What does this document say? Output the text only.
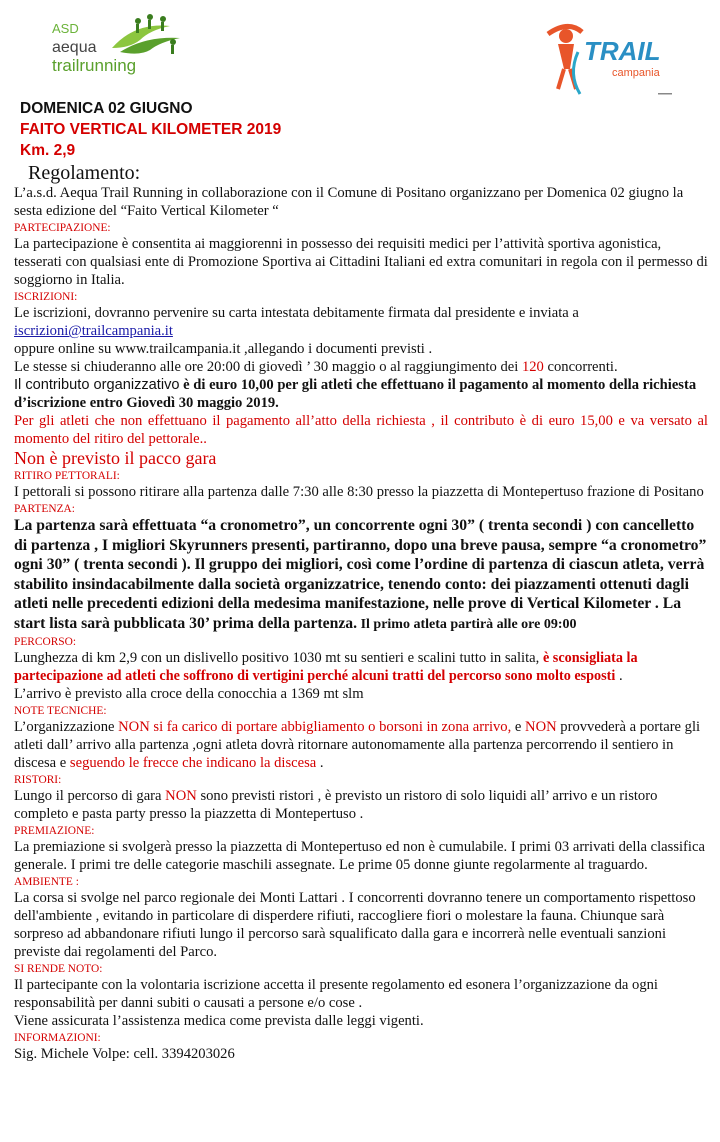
ASD
aequa
trailrunning	TRAIL
campania
DOMENICA 02 GIUGNO
FAITO VERTICAL KILOMETER 2019
Km. 2,9
Regolamento:

L’a.s.d. Aequa Trail Running in collaborazione con il Comune di Positano organizzano per Domenica 02 giugno la sesta edizione del “Faito Vertical Kilometer “

PARTECIPAZIONE:

La partecipazione è consentita ai maggiorenni in possesso dei requisiti medici per l’attività sportiva agonistica, tesserati con qualsiasi ente di Promozione Sportiva ai Cittadini Italiani ed extra comunitari in regola con il permesso di soggiorno in Italia.

ISCRIZIONI:

Le iscrizioni, dovranno pervenire su carta intestata debitamente firmata dal presidente e inviata a

iscrizioni@trailcampania.it

oppure online su www.trailcampania.it ,allegando i documenti previsti .

Le stesse si chiuderanno alle ore 20:00 di giovedì ’ 30 maggio o al raggiungimento dei 120 concorrenti.

Il contributo organizzativo è di euro 10,00 per gli atleti che effettuano il pagamento al momento della richiesta d’iscrizione entro Giovedì 30 maggio 2019.

Per gli atleti che non effettuano il pagamento all’atto della richiesta , il contributo è di euro 15,00 e va versato al momento del ritiro del pettorale..

Non è previsto il pacco gara
RITIRO PETTORALI:

I pettorali si possono ritirare alla partenza dalle 7:30 alle 8:30 presso la piazzetta di Montepertuso frazione di Positano

PARTENZA:

La partenza sarà effettuata “a cronometro”, un concorrente ogni 30” ( trenta secondi ) con cancelletto di partenza , I migliori Skyrunners presenti, partiranno, dopo una breve pausa, sempre “a cronometro” ogni 30” ( trenta secondi ). Il gruppo dei migliori, così come l’ordine di partenza di ciascun atleta, verrà stabilito insindacabilmente dalla società organizzatrice, tenendo conto: dei piazzamenti ottenuti dagli atleti nelle precedenti edizioni della medesima manifestazione, nelle prove di Vertical Kilometer . La start lista sarà pubblicata 30’ prima della partenza. Il primo atleta partirà alle ore 09:00

PERCORSO:

Lunghezza di km 2,9 con un dislivello positivo 1030 mt su sentieri e scalini tutto in salita, è sconsigliata la partecipazione ad atleti che soffrono di vertigini perché alcuni tratti del percorso sono molto esposti .

L’arrivo è previsto alla croce della conocchia a 1369 mt slm

NOTE TECNICHE:

L’organizzazione NON si fa carico di portare abbigliamento o borsoni in zona arrivo, e NON provvederà a portare gli atleti dall’ arrivo alla partenza ,ogni atleta dovrà ritornare autonomamente alla partenza percorrendo il sentiero in discesa e seguendo le frecce che indicano la discesa .

RISTORI:

Lungo il percorso di gara NON sono previsti ristori , è previsto un ristoro di solo liquidi all’ arrivo e un ristoro completo e pasta party presso la piazzetta di Montepertuso .

PREMIAZIONE:

La premiazione si svolgerà presso la piazzetta di Montepertuso ed non è cumulabile. I primi 03 arrivati della classifica generale. I primi tre delle categorie maschili assegnate. Le prime 05 donne giunte regolarmente al traguardo.

AMBIENTE :

La corsa si svolge nel parco regionale dei Monti Lattari . I concorrenti dovranno tenere un comportamento rispettoso dell'ambiente , evitando in particolare di disperdere rifiuti, raccogliere fiori o molestare la fauna. Chiunque sarà sorpreso ad abbandonare rifiuti lungo il percorso sarà squalificato dalla gara e incorrerà nelle eventuali sanzioni previste dai regolamenti del Parco.

SI RENDE NOTO:

Il partecipante con la volontaria iscrizione accetta il presente regolamento ed esonera l’organizzazione da ogni responsabilità per danni subiti o causati a persone e/o cose .

Viene assicurata l’assistenza medica come prevista dalle leggi vigenti.

INFORMAZIONI:

Sig. Michele Volpe: cell. 3394203026
